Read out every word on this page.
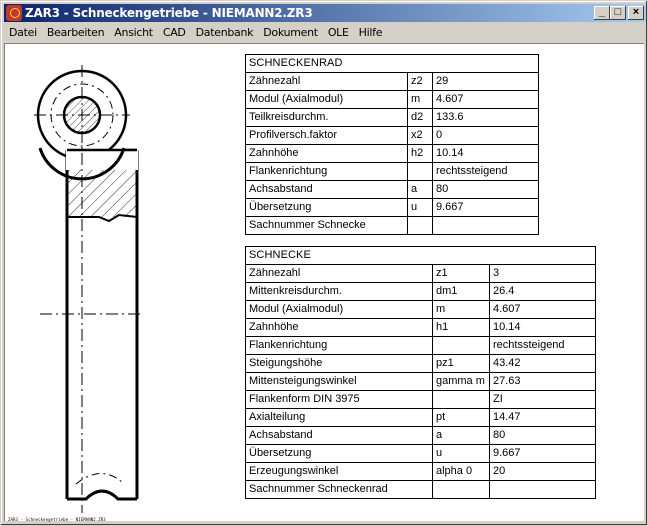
ZAR3 - Schneckengetriebe - NIEMANN2.ZR3	_ □	×
Datei Bearbeiten Ansicht CAD Datenbank Dokument OLE Hilfe
SCHNECKENRAD		
Zähnezahl	z2	29
Modul (Axialmodul)	m	4.607
Teilkreisdurchm.	d2	133.6
Profilversch.faktor	x2	0
Zahnhöhe	h2	10.14
Flankenrichtung		rechtssteigend
Achsabstand	a	80
Übersetzung	u	9.667
Sachnummer Schnecke		
SCHNECKE		
Zähnezahl	z1	3
Mittenkreisdurchm.	dm1	26.4
Modul (Axialmodul)	m	4.607
Zahnhöhe	h1	10.14
Flankenrichtung		rechtssteigend
Steigungshöhe	pz1	43.42
Mittensteigungswinkel	gamma m	27.63
Flankenform DIN 3975		ZI
Axialteilung	pt	14.47
Achsabstand	a	80
Übersetzung	u	9.667
Erzeugungswinkel	alpha 0	20
Sachnummer Schneckenrad		
ZAR3 - Schneckengetriebe - NIEMANN2.ZR3
